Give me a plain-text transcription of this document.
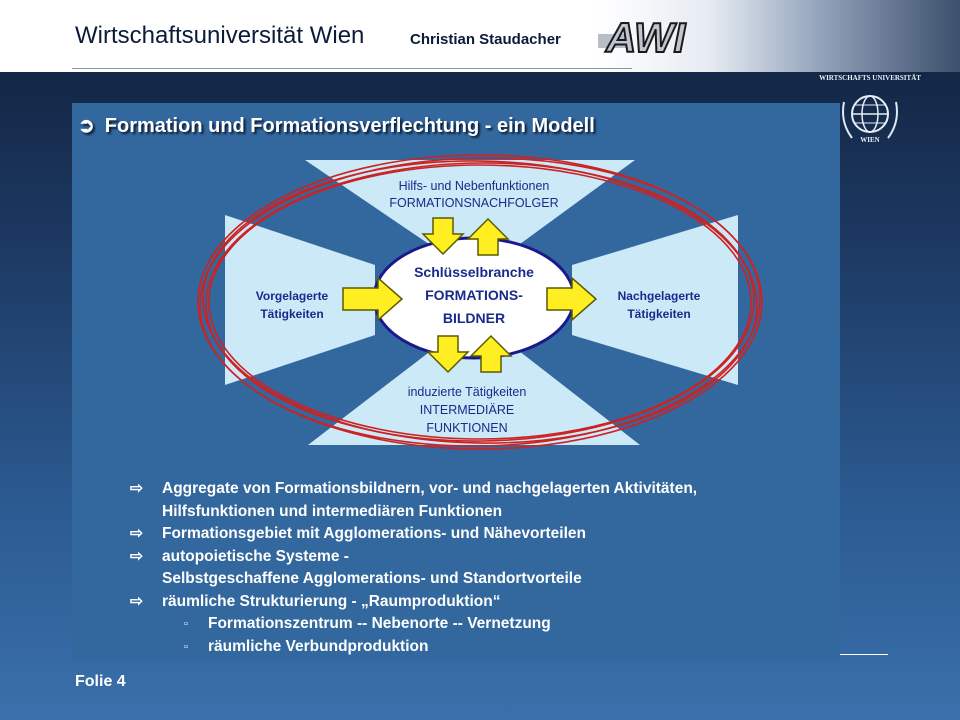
Wirtschaftsuniversität Wien	Christian Staudacher AWI
WIRTSCHAFTS UNIVERSITÄT
WIEN
➲ Formation und Formationsverflechtung - ein Modell
Hilfs- und Nebenfunktionen
FORMATIONSNACHFOLGER
Vorgelagerte
Tätigkeiten
Nachgelagerte
Tätigkeiten
induzierte Tätigkeiten
INTERMEDIÄRE
FUNKTIONEN
Schlüsselbranche
FORMATIONS-
BILDNER
⇨	Aggregate von Formationsbildnern, vor- und nachgelagerten Aktivitäten,
Hilfsfunktionen und intermediären Funktionen
⇨	Formationsgebiet mit Agglomerations- und Nähevorteilen
⇨	autopoietische Systeme -
Selbstgeschaffene Agglomerations- und Standortvorteile
⇨	räumliche Strukturierung - „Raumproduktion“
▫	Formationszentrum -- Nebenorte -- Vernetzung
▫	räumliche Verbundproduktion
Folie 4
